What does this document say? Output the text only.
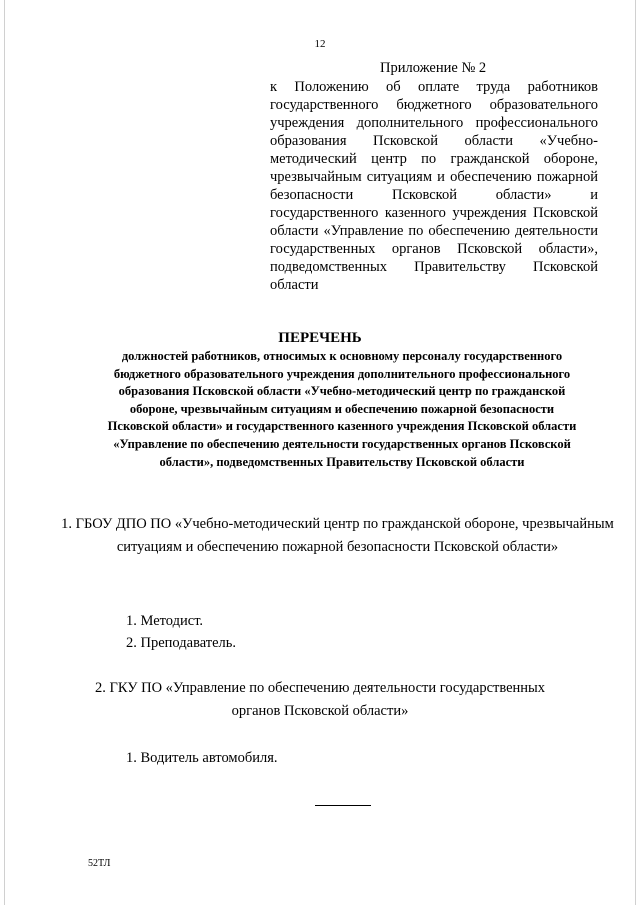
12
Приложение № 2
к Положению об оплате труда работников государственного бюджетного образовательного учреждения дополнительного профессионального образования Псковской области «Учебно-методический центр по гражданской обороне, чрезвычайным ситуациям и обеспечению пожарной безопасности Псковской области» и государственного казенного учреждения Псковской области «Управление по обеспечению деятельности государственных органов Псковской области», подведомственных Правительству Псковской области
ПЕРЕЧЕНЬ
должностей работников, относимых к основному персоналу государственного бюджетного образовательного учреждения дополнительного профессионального образования Псковской области «Учебно-методический центр по гражданской обороне, чрезвычайным ситуациям и обеспечению пожарной безопасности Псковской области» и государственного казенного учреждения Псковской области «Управление по обеспечению деятельности государственных органов Псковской области», подведомственных Правительству Псковской области
1. ГБОУ ДПО ПО «Учебно-методический центр по гражданской обороне, чрезвычайным ситуациям и обеспечению пожарной безопасности Псковской области»
1. Методист.
2. Преподаватель.
2. ГКУ ПО «Управление по обеспечению деятельности государственных органов Псковской области»
1. Водитель автомобиля.
52ТЛ
